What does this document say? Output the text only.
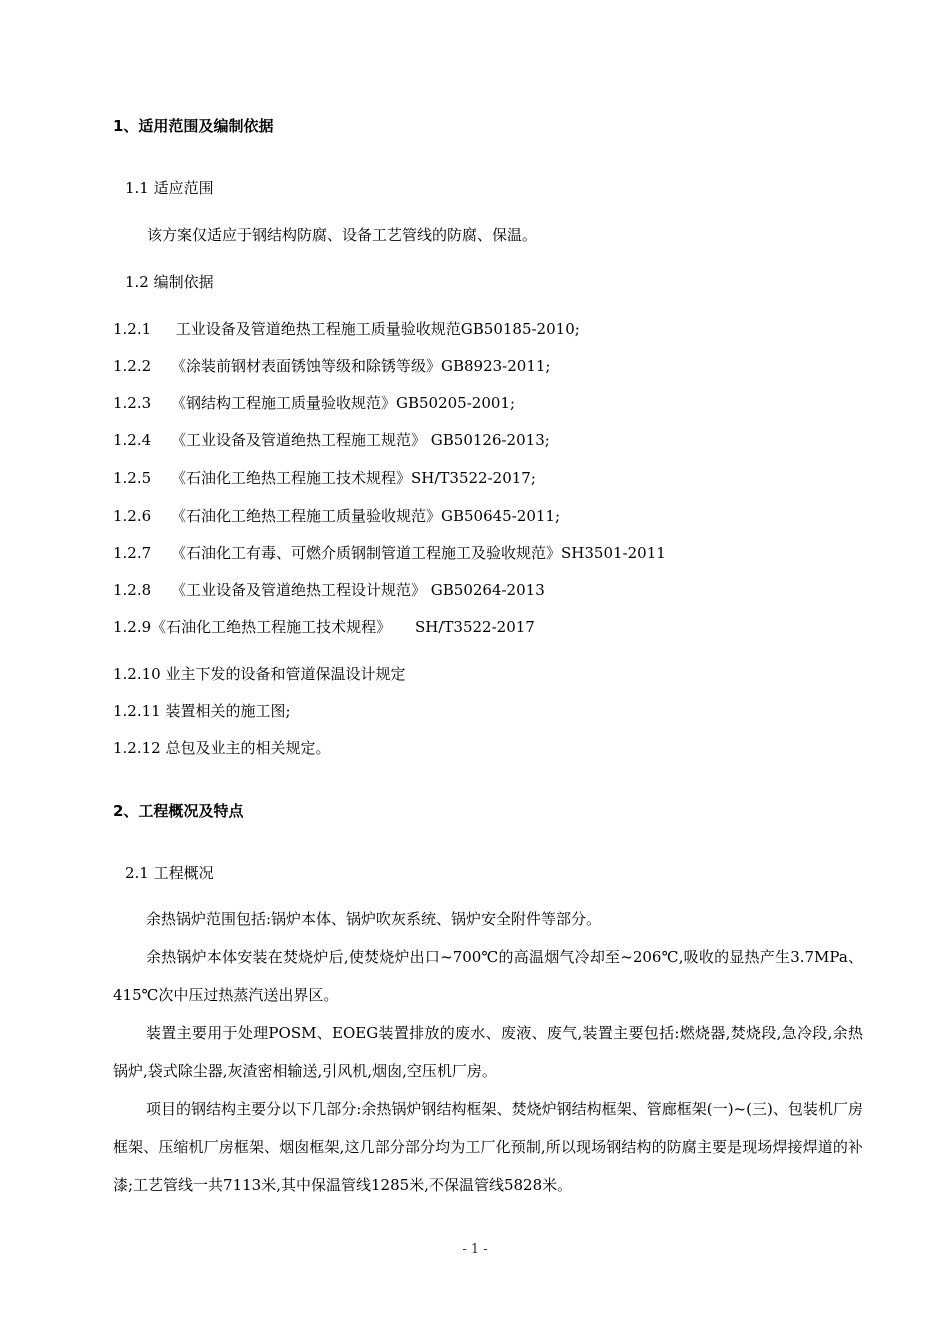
1、适用范围及编制依据
1.1 适应范围
该方案仅适应于钢结构防腐、设备工艺管线的防腐、保温。
1.2 编制依据
1.2.1 工业设备及管道绝热工程施工质量验收规范GB50185-2010;
1.2.2 《涂装前钢材表面锈蚀等级和除锈等级》GB8923-2011;
1.2.3 《钢结构工程施工质量验收规范》GB50205-2001;
1.2.4 《工业设备及管道绝热工程施工规范》 GB50126-2013;
1.2.5 《石油化工绝热工程施工技术规程》SH/T3522-2017;
1.2.6 《石油化工绝热工程施工质量验收规范》GB50645-2011;
1.2.7 《石油化工有毒、可燃介质钢制管道工程施工及验收规范》SH3501-2011
1.2.8 《工业设备及管道绝热工程设计规范》 GB50264-2013
1.2.9《石油化工绝热工程施工技术规程》     SH/T3522-2017
1.2.10 业主下发的设备和管道保温设计规定
1.2.11 装置相关的施工图;
1.2.12 总包及业主的相关规定。
2、工程概况及特点
2.1 工程概况
余热锅炉范围包括:锅炉本体、锅炉吹灰系统、锅炉安全附件等部分。
余热锅炉本体安装在焚烧炉后,使焚烧炉出口~700℃的高温烟气冷却至~206℃,吸收的显热产生3.7MPa、415℃次中压过热蒸汽送出界区。
装置主要用于处理POSM、EOEG装置排放的废水、废液、废气,装置主要包括:燃烧器,焚烧段,急冷段,余热锅炉,袋式除尘器,灰渣密相输送,引风机,烟囱,空压机厂房。
项目的钢结构主要分以下几部分:余热锅炉钢结构框架、焚烧炉钢结构框架、管廊框架(一)~(三)、包装机厂房框架、压缩机厂房框架、烟囱框架,这几部分部分均为工厂化预制,所以现场钢结构的防腐主要是现场焊接焊道的补漆;工艺管线一共7113米,其中保温管线1285米,不保温管线5828米。
- 1 -
